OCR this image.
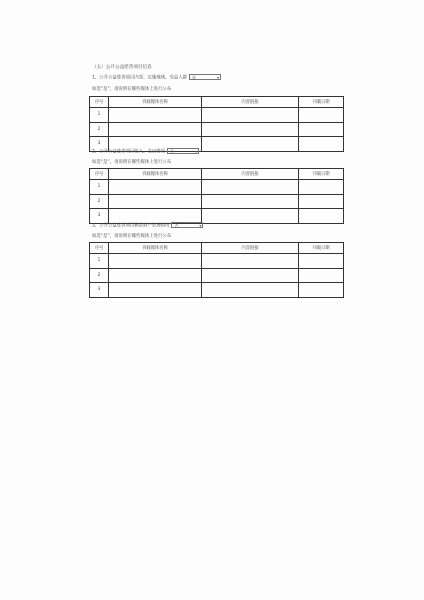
（五）公开公益慈善项目信息
1、公开公益慈善项目内容、实施地域、受益人群 是	▾
如选“是”，请说明在哪些媒体上进行公布
序号	刊载媒体名称	内容链接	刊載日期
1			
2			
3			
2、公开公益慈善项目收入、支出情况 否	▾
如选“是”，请说明在哪些媒体上进行公布
序号	刊载媒体名称	内容链接	刊载日期
1			
2			
3			
3、公开公益慈善项目剩余财产处理情况 否	▾
如选“是”，请说明在哪些媒体上进行公布
序号	刊载媒体名称	内容链接	刊载日期
1			
2			
3			
